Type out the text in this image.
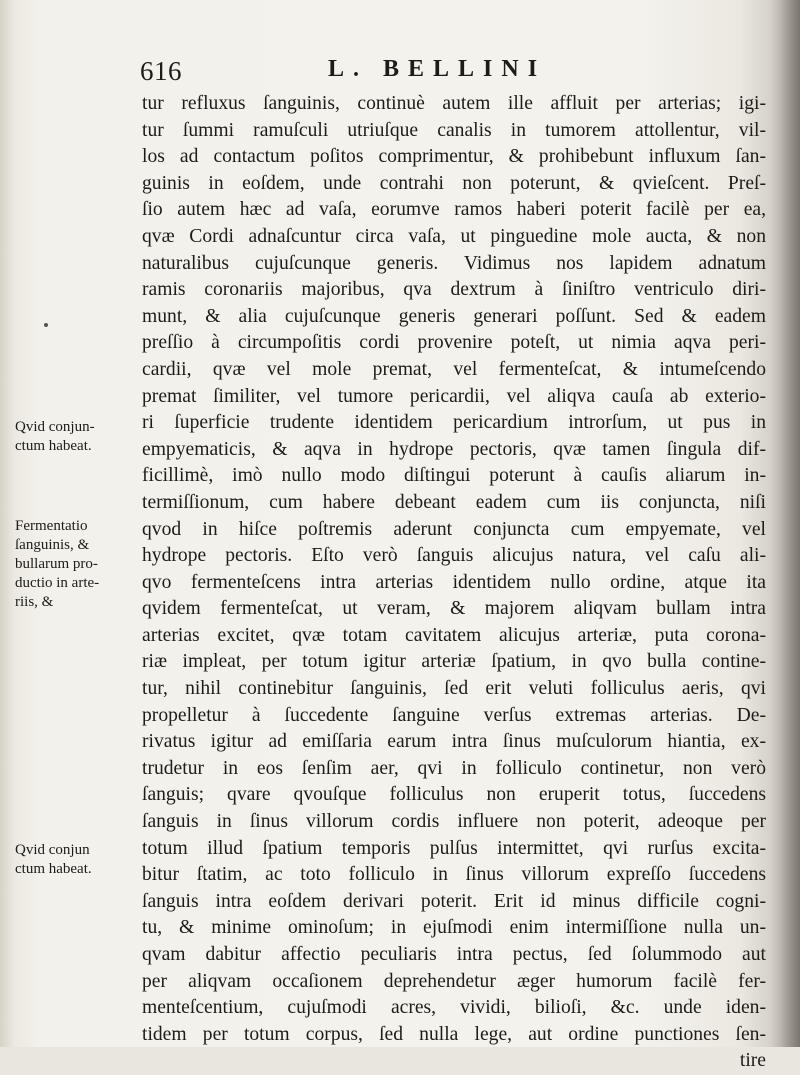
616	L. BELLINI
Qvid conjun-
ctum habeat.
Fermentatio
ſanguinis, &
bullarum pro-
ductio in arte-
riis, &
Qvid conjun
ctum habeat.
tur refluxus ſanguinis, continuè autem ille affluit per arterias; igi-
tur ſummi ramuſculi utriuſque canalis in tumorem attollentur, vil-
los ad contactum poſitos comprimentur, & prohibebunt influxum ſan-
guinis in eoſdem, unde contrahi non poterunt, & qvieſcent. Preſ-
ſio autem hæc ad vaſa, eorumve ramos haberi poterit facilè per ea,
qvæ Cordi adnaſcuntur circa vaſa, ut pinguedine mole aucta, & non
naturalibus cujuſcunque generis. Vidimus nos lapidem adnatum
ramis coronariis majoribus, qva dextrum à ſiniſtro ventriculo diri-
munt, & alia cujuſcunque generis generari poſſunt. Sed & eadem
preſſio à circumpoſitis cordi provenire poteſt, ut nimia aqva peri-
cardii, qvæ vel mole premat, vel fermenteſcat, & intumeſcendo
premat ſimiliter, vel tumore pericardii, vel aliqva cauſa ab exterio-
ri ſuperficie trudente identidem pericardium introrſum, ut pus in
empyematicis, & aqva in hydrope pectoris, qvæ tamen ſingula dif-
ficillimè, imò nullo modo diſtingui poterunt à cauſis aliarum in-
termiſſionum, cum habere debeant eadem cum iis conjuncta, niſi
qvod in hiſce poſtremis aderunt conjuncta cum empyemate, vel
hydrope pectoris. Eſto verò ſanguis alicujus natura, vel caſu ali-
qvo fermenteſcens intra arterias identidem nullo ordine, atque ita
qvidem fermenteſcat, ut veram, & majorem aliqvam bullam intra
arterias excitet, qvæ totam cavitatem alicujus arteriæ, puta corona-
riæ impleat, per totum igitur arteriæ ſpatium, in qvo bulla contine-
tur, nihil continebitur ſanguinis, ſed erit veluti folliculus aeris, qvi
propelletur à ſuccedente ſanguine verſus extremas arterias. De-
rivatus igitur ad emiſſaria earum intra ſinus muſculorum hiantia, ex-
trudetur in eos ſenſim aer, qvi in folliculo continetur, non verò
ſanguis; qvare qvouſque folliculus non eruperit totus, ſuccedens
ſanguis in ſinus villorum cordis influere non poterit, adeoque per
totum illud ſpatium temporis pulſus intermittet, qvi rurſus excita-
bitur ſtatim, ac toto folliculo in ſinus villorum expreſſo ſuccedens
ſanguis intra eoſdem derivari poterit. Erit id minus difficile cogni-
tu, & minime ominoſum; in ejuſmodi enim intermiſſione nulla un-
qvam dabitur affectio peculiaris intra pectus, ſed ſolummodo aut
per aliqvam occaſionem deprehendetur æger humorum facilè fer-
menteſcentium, cujuſmodi acres, vividi, bilioſi, &c. unde iden-
tidem per totum corpus, ſed nulla lege, aut ordine punctiones ſen-
tire
